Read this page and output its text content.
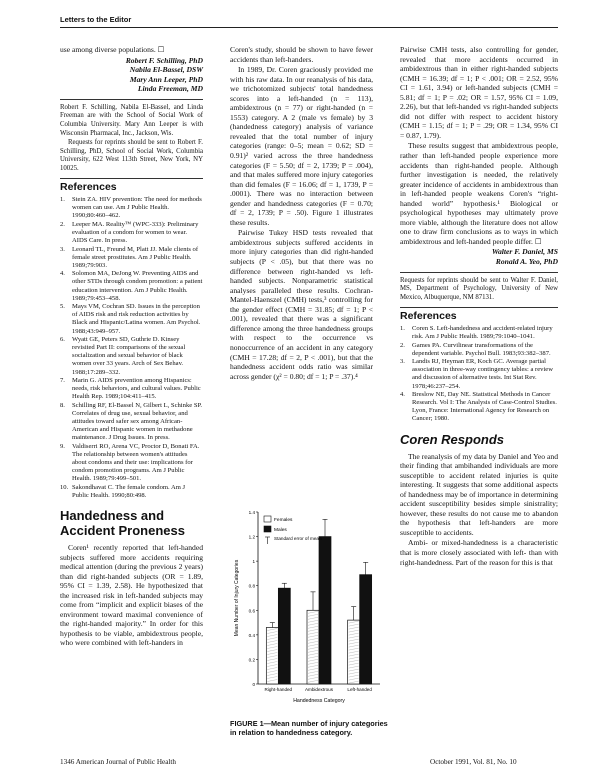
Letters to the Editor

use among diverse populations. ☐

Robert F. Schilling, PhD
Nabila El-Bassel, DSW
Mary Ann Leeper, PhD
Linda Freeman, MD

Robert F. Schilling, Nabila El-Bassel, and Linda Freeman are with the School of Social Work of Columbia University. Mary Ann Leeper is with Wisconsin Pharmacal, Inc., Jackson, Wis.

Requests for reprints should be sent to Robert F. Schilling, PhD, School of Social Work, Columbia University, 622 West 113th Street, New York, NY 10025.

References
1. Stein ZA. HIV prevention: The need for methods women can use. Am J Public Health. 1990;80:460–462.
2. Leeper MA. Reality™ (WPC-333): Preliminary evaluation of a condom for women to wear. AIDS Care. In press.
3. Leonard TL, Freund M, Platt JJ. Male clients of female street prostitutes. Am J Public Health. 1989;79:903.
4. Solomon MA, DeJong W. Preventing AIDS and other STDs through condom promotion: a patient education intervention. Am J Public Health. 1989;79:453–458.
5. Mays VM, Cochran SD. Issues in the perception of AIDS risk and risk reduction activities by Black and Hispanic/Latina women. Am Psychol. 1988;43:949–957.
6. Wyatt GE, Peters SD, Guthrie D. Kinsey revisited Part II: comparisons of the sexual socialization and sexual behavior of black women over 33 years. Arch of Sex Behav. 1988;17:289–332.
7. Marin G. AIDS prevention among Hispanics: needs, risk behaviors, and cultural values. Public Health Rep. 1989;104:411–415.
8. Schilling RF, El-Bassel N, Gilbert L, Schinke SP. Correlates of drug use, sexual behavior, and attitudes toward safer sex among African-American and Hispanic women in methadone maintenance. J Drug Issues. In press.
9. Valdiserri RO, Arena VC, Proctor D, Bonati FA. The relationship between women's attitudes about condoms and their use: implications for condom promotion programs. Am J Public Health. 1989;79:499–501.
10. Sakondhavat C. The female condom. Am J Public Health. 1990;80:498.
Handedness and
Accident Proneness

Coren¹ recently reported that left-handed subjects suffered more accidents requiring medical attention (during the previous 2 years) than did right-handed subjects (OR = 1.89, 95% CI = 1.39, 2.58). He hypothesized that the increased risk in left-handed subjects may come from “implicit and explicit biases of the environment toward maximal convenience of the right-handed majority.” In order for this hypothesis to be viable, ambidextrous people, who were combined with left-handers in

Coren's study, should be shown to have fewer accidents than left-handers.

In 1989, Dr. Coren graciously provided me with his raw data. In our reanalysis of his data, we trichotomized subjects' total handedness scores into a left-handed (n = 113), ambidextrous (n = 77) or right-handed (n = 1553) category. A 2 (male vs female) by 3 (handedness category) analysis of variance revealed that the total number of injury categories (range: 0–5; mean = 0.62; SD = 0.91)² varied across the three handedness categories (F = 5.50; df = 2, 1739; P = .004), and that males suffered more injury categories than did females (F = 16.06; df = 1, 1739, P = .0001). There was no interaction between gender and handedness categories (F = 0.70; df = 2, 1739; P = .50). Figure 1 illustrates these results.

Pairwise Tukey HSD tests revealed that ambidextrous subjects suffered accidents in more injury categories than did right-handed subjects (P < .05), but that there was no difference between right-handed vs left-handed subjects. Nonparametric statistical analyses paralleled these results. Cochran-Mantel-Haenszel (CMH) tests,³ controlling for the gender effect (CMH = 31.85; df = 1; P < .001), revealed that there was a significant difference among the three handedness groups with respect to the occurrence vs nonoccurrence of an accident in any category (CMH = 17.28; df = 2, P < .001), but that the handedness accident odds ratio was similar across gender (χ² = 0.80; df = 1; P = .37).⁴

0
0.2
0.4
0.6
0.8
1
1.2
1.4
Mean Number of Injury Categories
Right-handed	Ambidextrous	Left-handed
Handedness Category
Females
Males
Standard error of mean
FIGURE 1—Mean number of injury categories in relation to handedness category.

Pairwise CMH tests, also controlling for gender, revealed that more accidents occurred in ambidextrous than in either right-handed subjects (CMH = 16.39; df = 1; P < .001; OR = 2.52, 95% CI = 1.61, 3.94) or left-handed subjects (CMH = 5.81; df = 1; P = .02; OR = 1.57, 95% CI = 1.09, 2.26), but that left-handed vs right-handed subjects did not differ with respect to accident history (CMH = 1.15; df = 1; P = .29; OR = 1.34, 95% CI = 0.87, 1.79).

These results suggest that ambidextrous people, rather than left-handed people experience more accidents than right-handed people. Although further investigation is needed, the relatively greater incidence of accidents in ambidextrous than in left-handed people weakens Coren's “right-handed world” hypothesis.¹ Biological or psychological hypotheses may ultimately prove more viable, although the literature does not allow one to draw firm conclusions as to ways in which ambidextrous and left-handed people differ. ☐

Walter F. Daniel, MS
Ronald A. Yeo, PhD

Requests for reprints should be sent to Walter F. Daniel, MS, Department of Psychology, University of New Mexico, Albuquerque, NM 87131.

References
1. Coren S. Left-handedness and accident-related injury risk. Am J Public Health. 1989;79:1040–1041.
2. Games PA. Curvilinear transformations of the dependent variable. Psychol Bull. 1983;93:382–387.
3. Landis RJ, Heyman ER, Koch GC. Average partial association in three-way contingency tables: a review and discussion of alternative tests. Int Stat Rev. 1978;46:237–254.
4. Breslow NE, Day NE. Statistical Methods in Cancer Research. Vol I: The Analysis of Case-Control Studies. Lyon, France: International Agency for Research on Cancer; 1980.
Coren Responds

The reanalysis of my data by Daniel and Yeo and their finding that ambihanded individuals are more susceptible to accident related injuries is quite interesting. It suggests that some additional aspects of handedness may be of importance in determining accident susceptibility besides simple sinistrality; however, these results do not cause me to abandon the hypothesis that left-handers are more susceptible to accidents.

Ambi- or mixed-handedness is a characteristic that is more closely associated with left- than with right-handedness. Part of the reason for this is that

1346 American Journal of Public Health	October 1991, Vol. 81, No. 10
